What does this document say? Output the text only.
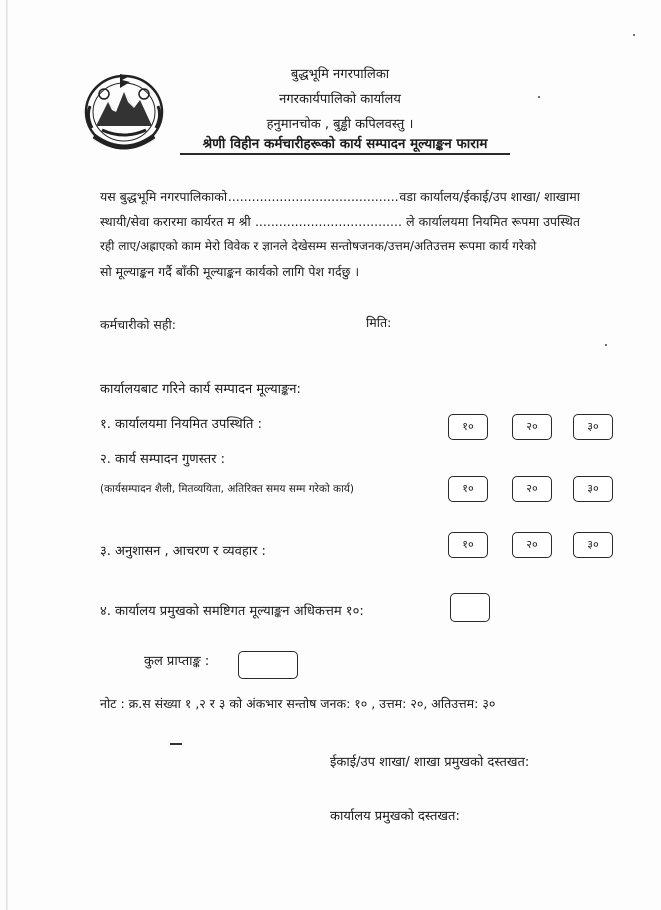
बुद्धभूमि नगरपालिका
नगरकार्यपालिको कार्यालय
हनुमानचोक , बुड्ढी कपिलवस्तु ।
श्रेणी विहीन कर्मचारीहरूको कार्य सम्पादन मूल्याङ्कन फाराम
यस बुद्धभूमि नगरपालिकाको ........................................... वडा कार्यालय/ईकाई/उप शाखा/ शाखामा
स्थायी/सेवा करारमा कार्यरत म श्री ..................................... ले कार्यालयमा नियमित रूपमा उपस्थित
रही लाए/अह्राएको काम मेरो विवेक र ज्ञानले देखेसम्म सन्तोषजनक/उत्तम/अतिउत्तम रूपमा कार्य गरेको
सो मूल्याङ्कन गर्दै बाँकी मूल्याङ्कन कार्यको लागि पेश गर्दछु ।
कर्मचारीको सही:	मिति:
कार्यालयबाट गरिने कार्य सम्पादन मूल्याङ्कन:
१. कार्यालयमा नियमित उपस्थिति :	१०	२०	३०
२. कार्य सम्पादन गुणस्तर :
(कार्यसम्पादन शैली, मितव्ययिता, अतिरिक्त समय सम्म गरेको कार्य)	१०	२०	३०
३. अनुशासन , आचरण र व्यवहार :	१०	२०	३०
४. कार्यालय प्रमुखको समष्टिगत मूल्याङ्कन अधिकत्तम १०:
कुल प्राप्ताङ्क :
नोट : क्र.स संख्या १ ,२ र ३ को अंकभार सन्तोष जनक: १० , उत्तम: २०, अतिउत्तम: ३०
ईकाई/उप शाखा/ शाखा प्रमुखको दस्तखत:
कार्यालय प्रमुखको दस्तखत:
